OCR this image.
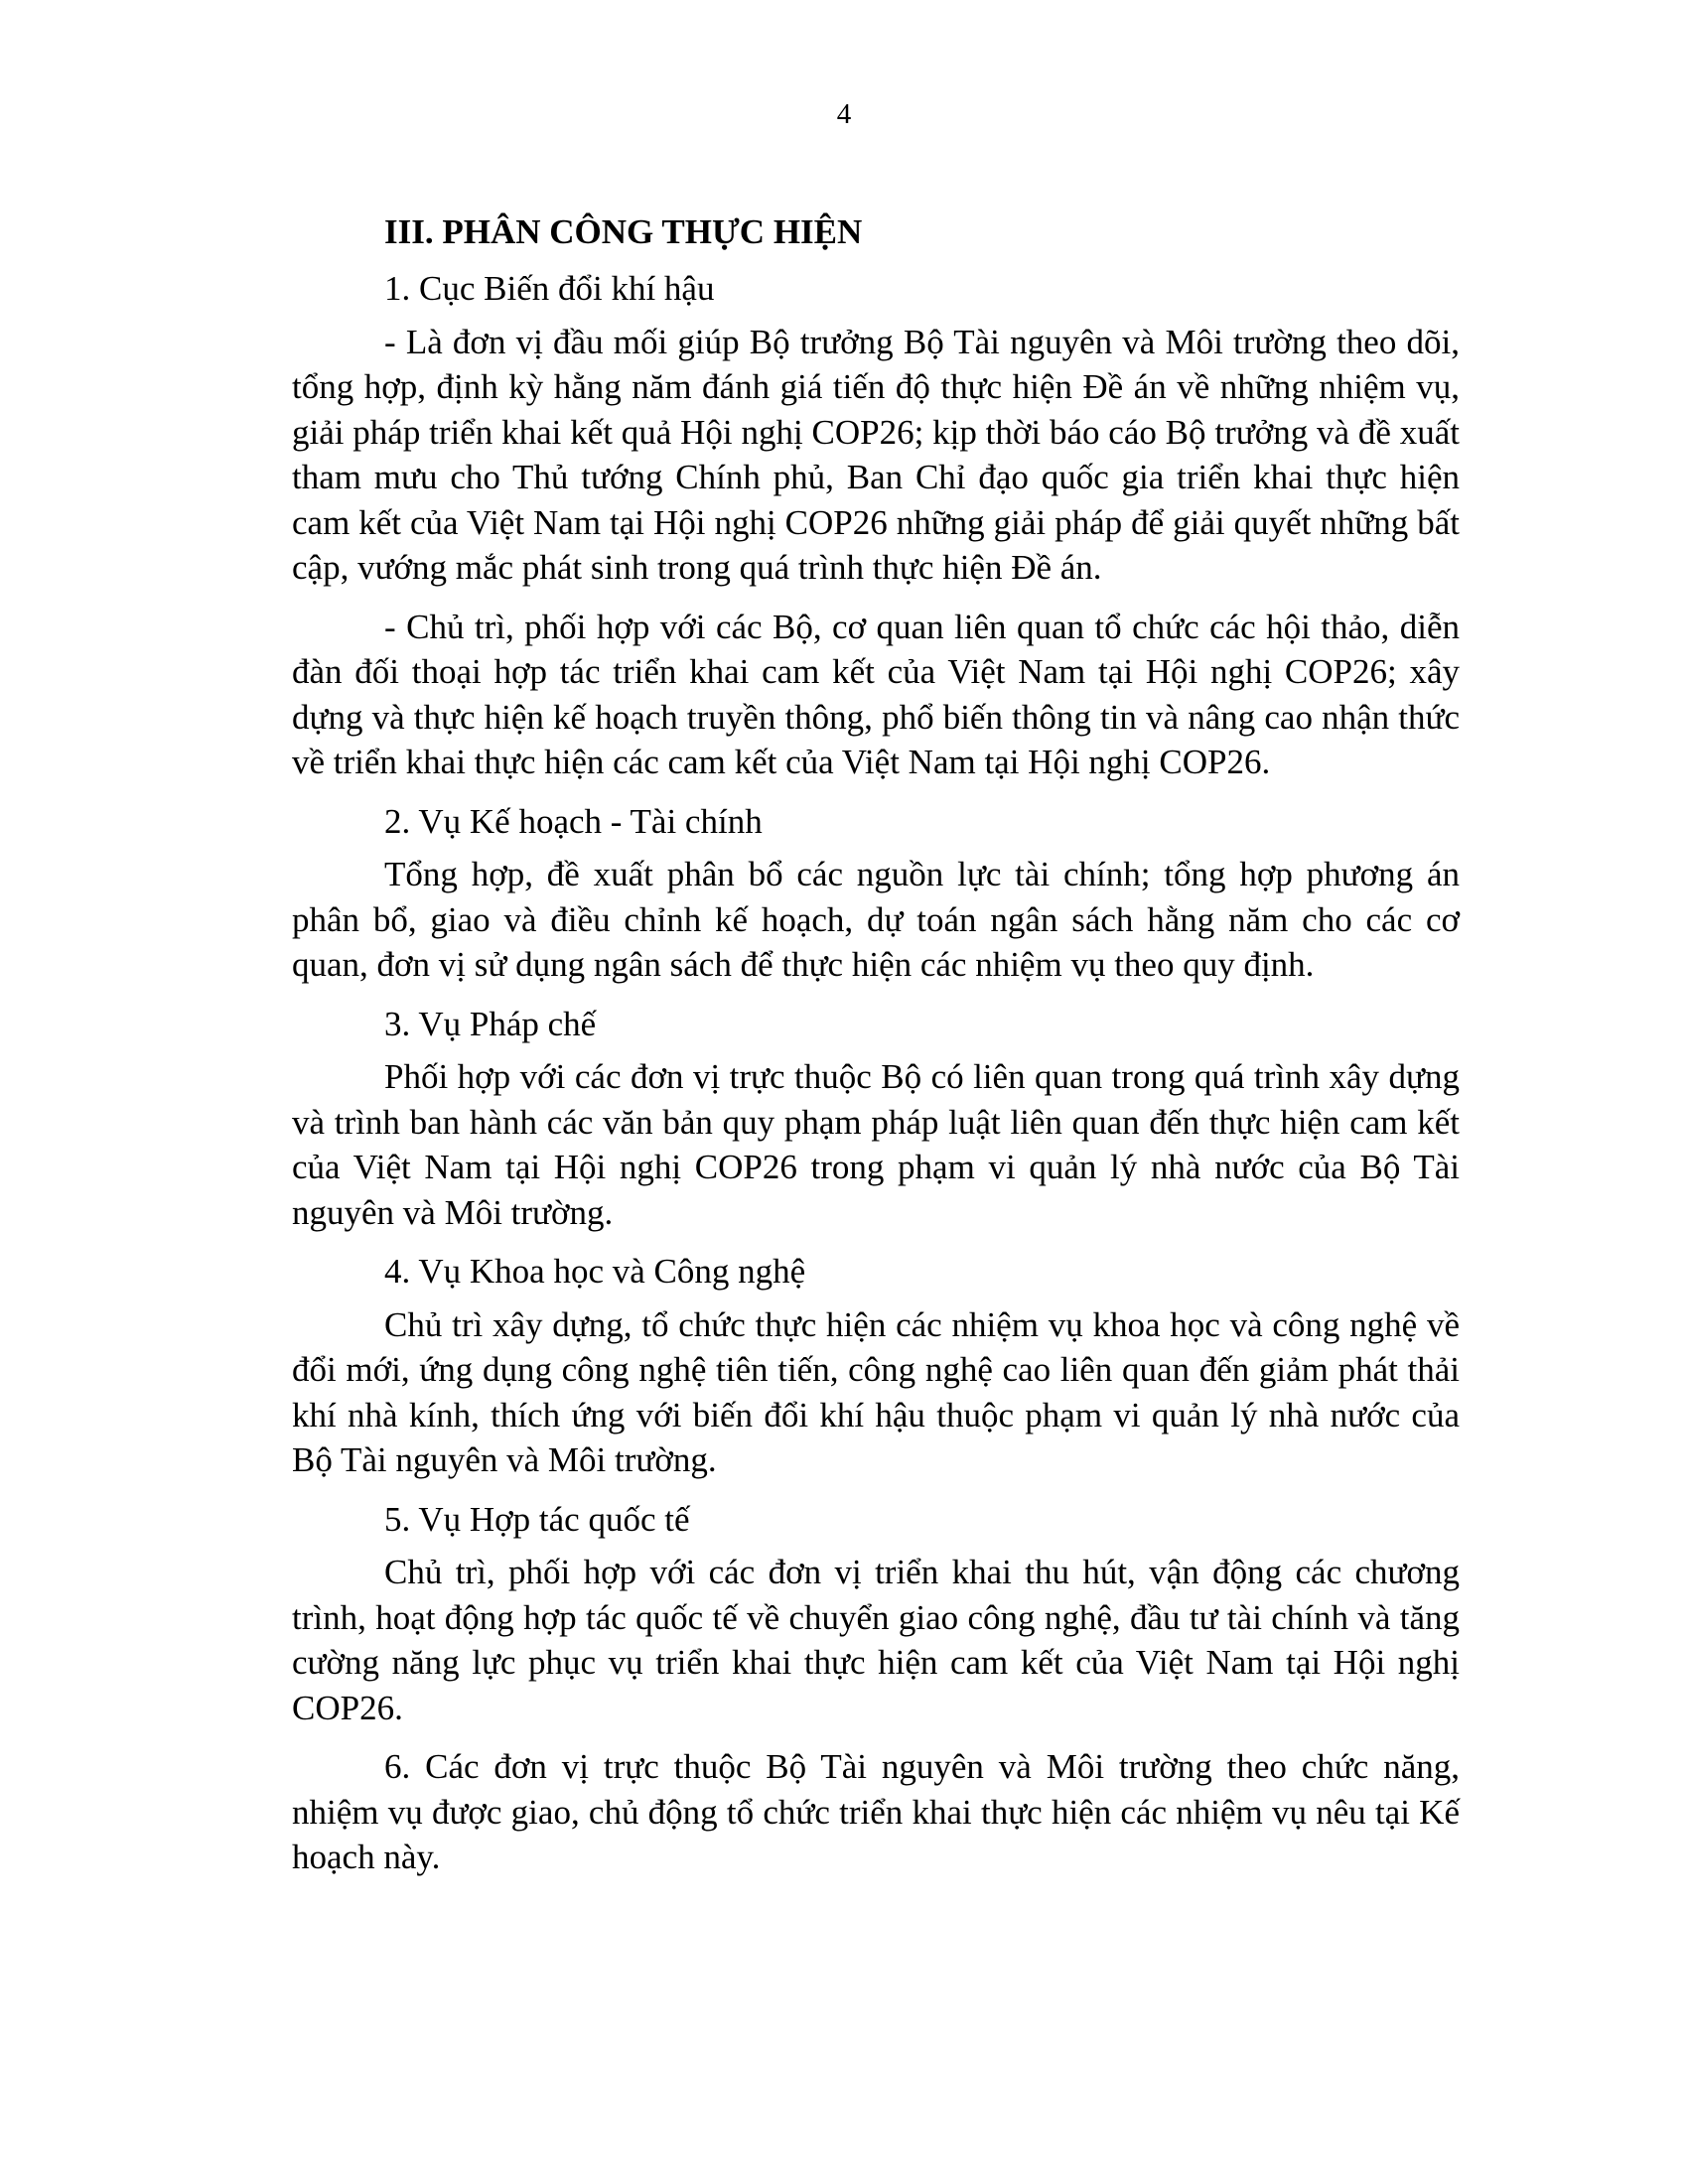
4
III. PHÂN CÔNG THỰC HIỆN
1. Cục Biến đổi khí hậu

- Là đơn vị đầu mối giúp Bộ trưởng Bộ Tài nguyên và Môi trường theo dõi, tổng hợp, định kỳ hằng năm đánh giá tiến độ thực hiện Đề án về những nhiệm vụ, giải pháp triển khai kết quả Hội nghị COP26; kịp thời báo cáo Bộ trưởng và đề xuất tham mưu cho Thủ tướng Chính phủ, Ban Chỉ đạo quốc gia triển khai thực hiện cam kết của Việt Nam tại Hội nghị COP26 những giải pháp để giải quyết những bất cập, vướng mắc phát sinh trong quá trình thực hiện Đề án.

- Chủ trì, phối hợp với các Bộ, cơ quan liên quan tổ chức các hội thảo, diễn đàn đối thoại hợp tác triển khai cam kết của Việt Nam tại Hội nghị COP26; xây dựng và thực hiện kế hoạch truyền thông, phổ biến thông tin và nâng cao nhận thức về triển khai thực hiện các cam kết của Việt Nam tại Hội nghị COP26.

2. Vụ Kế hoạch - Tài chính

Tổng hợp, đề xuất phân bổ các nguồn lực tài chính; tổng hợp phương án phân bổ, giao và điều chỉnh kế hoạch, dự toán ngân sách hằng năm cho các cơ quan, đơn vị sử dụng ngân sách để thực hiện các nhiệm vụ theo quy định.

3. Vụ Pháp chế

Phối hợp với các đơn vị trực thuộc Bộ có liên quan trong quá trình xây dựng và trình ban hành các văn bản quy phạm pháp luật liên quan đến thực hiện cam kết của Việt Nam tại Hội nghị COP26 trong phạm vi quản lý nhà nước của Bộ Tài nguyên và Môi trường.

4. Vụ Khoa học và Công nghệ

Chủ trì xây dựng, tổ chức thực hiện các nhiệm vụ khoa học và công nghệ về đổi mới, ứng dụng công nghệ tiên tiến, công nghệ cao liên quan đến giảm phát thải khí nhà kính, thích ứng với biến đổi khí hậu thuộc phạm vi quản lý nhà nước của Bộ Tài nguyên và Môi trường.

5. Vụ Hợp tác quốc tế

Chủ trì, phối hợp với các đơn vị triển khai thu hút, vận động các chương trình, hoạt động hợp tác quốc tế về chuyển giao công nghệ, đầu tư tài chính và tăng cường năng lực phục vụ triển khai thực hiện cam kết của Việt Nam tại Hội nghị COP26.

6. Các đơn vị trực thuộc Bộ Tài nguyên và Môi trường theo chức năng, nhiệm vụ được giao, chủ động tổ chức triển khai thực hiện các nhiệm vụ nêu tại Kế hoạch này.
